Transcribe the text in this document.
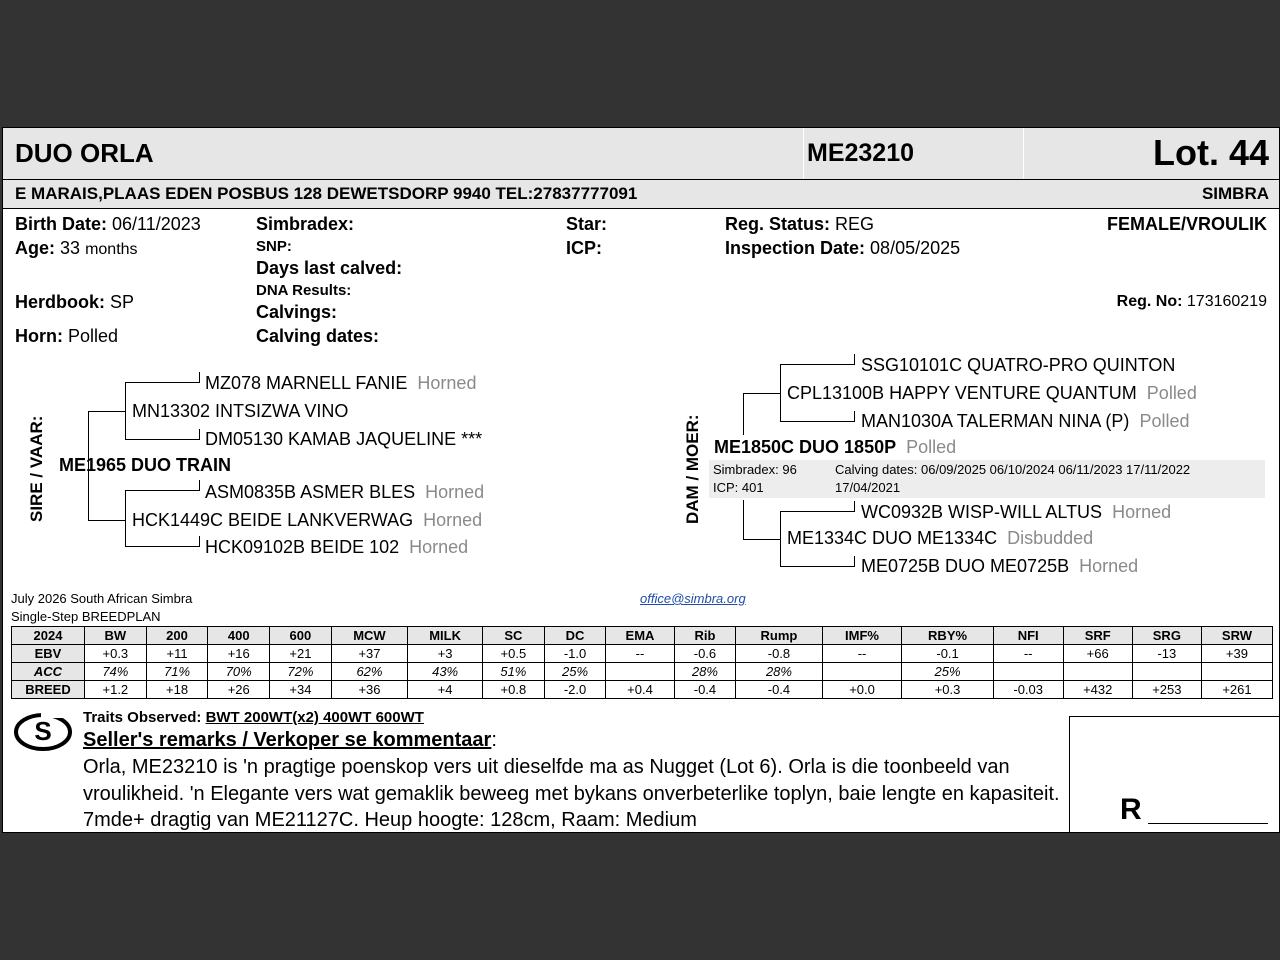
DUO ORLA	ME23210	Lot. 44
E MARAIS,PLAAS EDEN POSBUS 128 DEWETSDORP 9940 TEL:27837777091	SIMBRA
Birth Date: 06/11/2023
Age: 33 months
Herdbook: SP
Horn: Polled
Simbradex:
SNP:
Days last calved:
DNA Results:
Calvings:
Calving dates:
Star:
ICP:
Reg. Status: REG
Inspection Date: 08/05/2025
FEMALE/VROULIK
Reg. No: 173160219
SIRE / VAAR:
MZ078 MARNELL FANIE Horned
MN13302 INTSIZWA VINO
DM05130 KAMAB JAQUELINE ***
ME1965 DUO TRAIN
ASM0835B ASMER BLES Horned
HCK1449C BEIDE LANKVERWAG Horned
HCK09102B BEIDE 102 Horned
DAM / MOER:
SSG10101C QUATRO-PRO QUINTON
CPL13100B HAPPY VENTURE QUANTUM Polled
MAN1030A TALERMAN NINA (P) Polled
ME1850C DUO 1850P Polled
Simbradex: 96
ICP: 401
Calving dates: 06/09/2025 06/10/2024 06/11/2023 17/11/2022
17/04/2021
WC0932B WISP-WILL ALTUS Horned
ME1334C DUO ME1334C Disbudded
ME0725B DUO ME0725B Horned
July 2026 South African Simbra
Single-Step BREEDPLAN
office@simbra.org
2024	BW	200	400	600	MCW	MILK	SC	DC	EMA	Rib	Rump	IMF%	RBY%	NFI	SRF	SRG	SRW
EBV	+0.3	+11	+16	+21	+37	+3	+0.5	-1.0	--	-0.6	-0.8	--	-0.1	--	+66	-13	+39
ACC	74%	71%	70%	72%	62%	43%	51%	25%		28%	28%		25%				
BREED	+1.2	+18	+26	+34	+36	+4	+0.8	-2.0	+0.4	-0.4	-0.4	+0.0	+0.3	-0.03	+432	+253	+261
S Traits Observed: BWT 200WT(x2) 400WT 600WT
Seller's remarks / Verkoper se kommentaar:
Orla, ME23210 is 'n pragtige poenskop vers uit dieselfde ma as Nugget (Lot 6). Orla is die toonbeeld van vroulikheid. 'n Elegante vers wat gemaklik beweeg met bykans onverbeterlike toplyn, baie lengte en kapasiteit. 7mde+ dragtig van ME21127C. Heup hoogte: 128cm, Raam: Medium	R
